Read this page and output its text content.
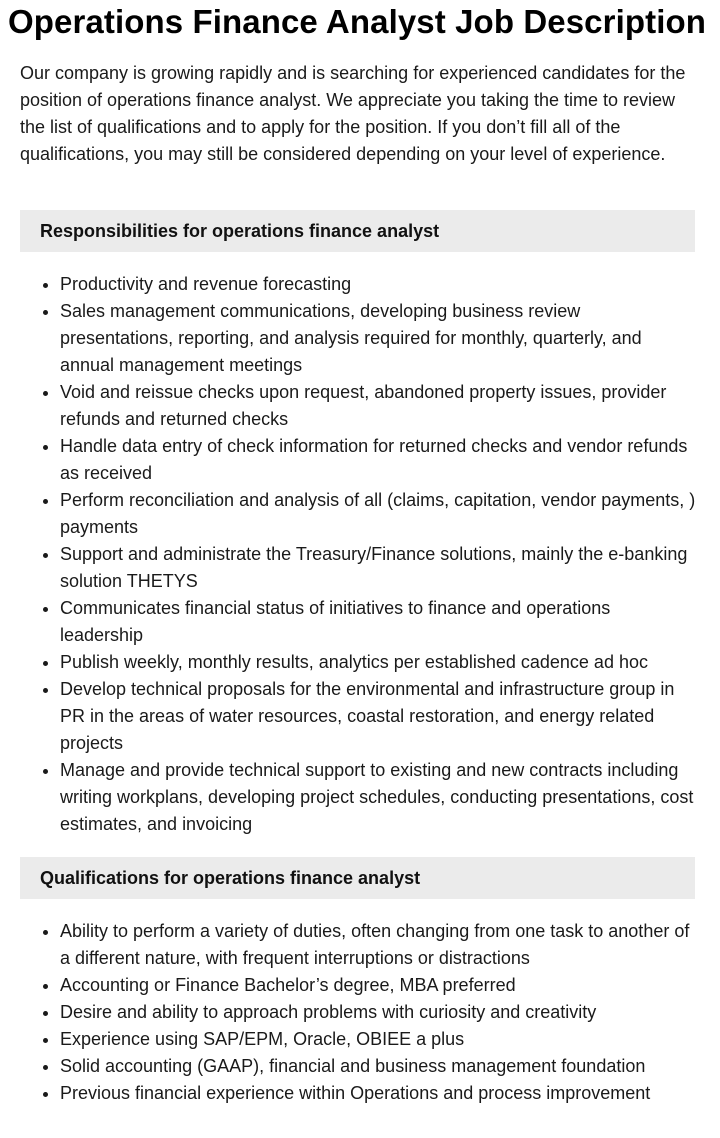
Operations Finance Analyst Job Description

Our company is growing rapidly and is searching for experienced candidates for the position of operations finance analyst. We appreciate you taking the time to review the list of qualifications and to apply for the position. If you don’t fill all of the qualifications, you may still be considered depending on your level of experience.

Responsibilities for operations finance analyst
• Productivity and revenue forecasting
• Sales management communications, developing business review presentations, reporting, and analysis required for monthly, quarterly, and annual management meetings
• Void and reissue checks upon request, abandoned property issues, provider refunds and returned checks
• Handle data entry of check information for returned checks and vendor refunds as received
• Perform reconciliation and analysis of all (claims, capitation, vendor payments, ) payments
• Support and administrate the Treasury/Finance solutions, mainly the e-banking solution THETYS
• Communicates financial status of initiatives to finance and operations leadership
• Publish weekly, monthly results, analytics per established cadence ad hoc
• Develop technical proposals for the environmental and infrastructure group in PR in the areas of water resources, coastal restoration, and energy related projects
• Manage and provide technical support to existing and new contracts including writing workplans, developing project schedules, conducting presentations, cost estimates, and invoicing
Qualifications for operations finance analyst
• Ability to perform a variety of duties, often changing from one task to another of a different nature, with frequent interruptions or distractions
• Accounting or Finance Bachelor’s degree, MBA preferred
• Desire and ability to approach problems with curiosity and creativity
• Experience using SAP/EPM, Oracle, OBIEE a plus
• Solid accounting (GAAP), financial and business management foundation
• Previous financial experience within Operations and process improvement
